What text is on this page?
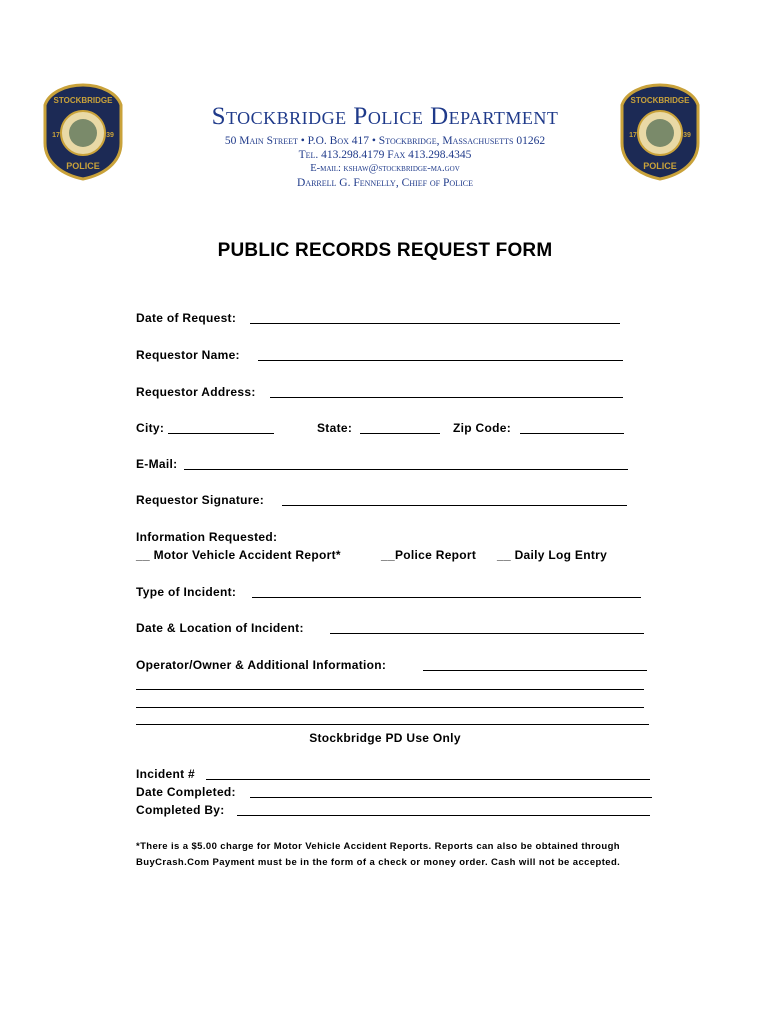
STOCKBRIDGE
17	39
POLICE
STOCKBRIDGE
17	39
POLICE
Stockbridge Police Department
50 Main Street • P.O. Box 417 • Stockbridge, Massachusetts 01262
Tel. 413.298.4179 Fax 413.298.4345
E-mail: kshaw@stockbridge-ma.gov
Darrell G. Fennelly, Chief of Police
PUBLIC RECORDS REQUEST FORM
Date of Request:
Requestor Name:
Requestor Address:
City:	State:	Zip Code:
E-Mail:
Requestor Signature:
Information Requested:
__ Motor Vehicle Accident Report*	__Police Report __ Daily Log Entry
Type of Incident:
Date & Location of Incident:
Operator/Owner & Additional Information:
Stockbridge PD Use Only
Incident #
Date Completed:
Completed By:
*There is a $5.00 charge for Motor Vehicle Accident Reports. Reports can also be obtained through BuyCrash.Com Payment must be in the form of a check or money order. Cash will not be accepted.
